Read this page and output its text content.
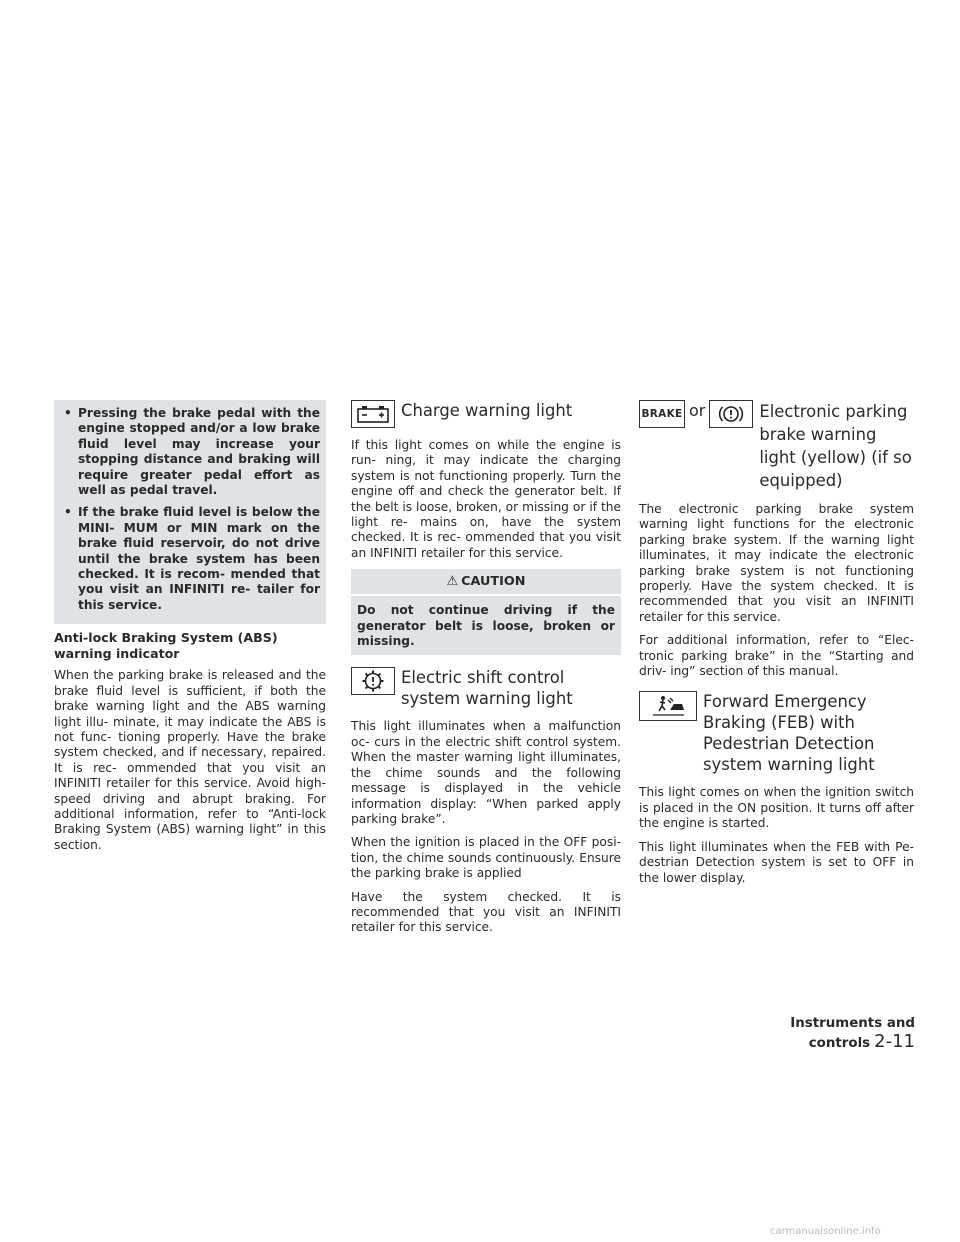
• Pressing the brake pedal with the engine stopped and/or a low brake fluid level may increase your stopping distance and braking will require greater pedal effort as well as pedal travel.
• If the brake fluid level is below the MINI- MUM or MIN mark on the brake fluid reservoir, do not drive until the brake system has been checked. It is recom- mended that you visit an INFINITI re- tailer for this service.
Anti-lock Braking System (ABS) warning indicator

When the parking brake is released and the brake fluid level is sufficient, if both the brake warning light and the ABS warning light illu- minate, it may indicate the ABS is not func- tioning properly. Have the brake system checked, and if necessary, repaired. It is rec- ommended that you visit an INFINITI retailer for this service. Avoid high-speed driving and abrupt braking. For additional information, refer to “Anti-lock Braking System (ABS) warning light” in this section.

Charge warning light

If this light comes on while the engine is run- ning, it may indicate the charging system is not functioning properly. Turn the engine off and check the generator belt. If the belt is loose, broken, or missing or if the light re- mains on, have the system checked. It is rec- ommended that you visit an INFINITI retailer for this service.

⚠ CAUTION
Do not continue driving if the generator belt is loose, broken or missing.
Electric shift control system warning light

This light illuminates when a malfunction oc- curs in the electric shift control system. When the master warning light illuminates, the chime sounds and the following message is displayed in the vehicle information display: “When parked apply parking brake”.

When the ignition is placed in the OFF posi- tion, the chime sounds continuously. Ensure the parking brake is applied

Have the system checked. It is recommended that you visit an INFINITI retailer for this service.

BRAKE or	Electronic parking brake warning light (yellow) (if so equipped)

The electronic parking brake system warning light functions for the electronic parking brake system. If the warning light illuminates, it may indicate the electronic parking brake system is not functioning properly. Have the system checked. It is recommended that you visit an INFINITI retailer for this service.

For additional information, refer to “Elec- tronic parking brake” in the “Starting and driv- ing” section of this manual.

Forward Emergency Braking (FEB) with Pedestrian Detection system warning light

This light comes on when the ignition switch is placed in the ON position. It turns off after the engine is started.

This light illuminates when the FEB with Pe- destrian Detection system is set to OFF in the lower display.

Instruments and controls 2-11
carmanualsonline.info
